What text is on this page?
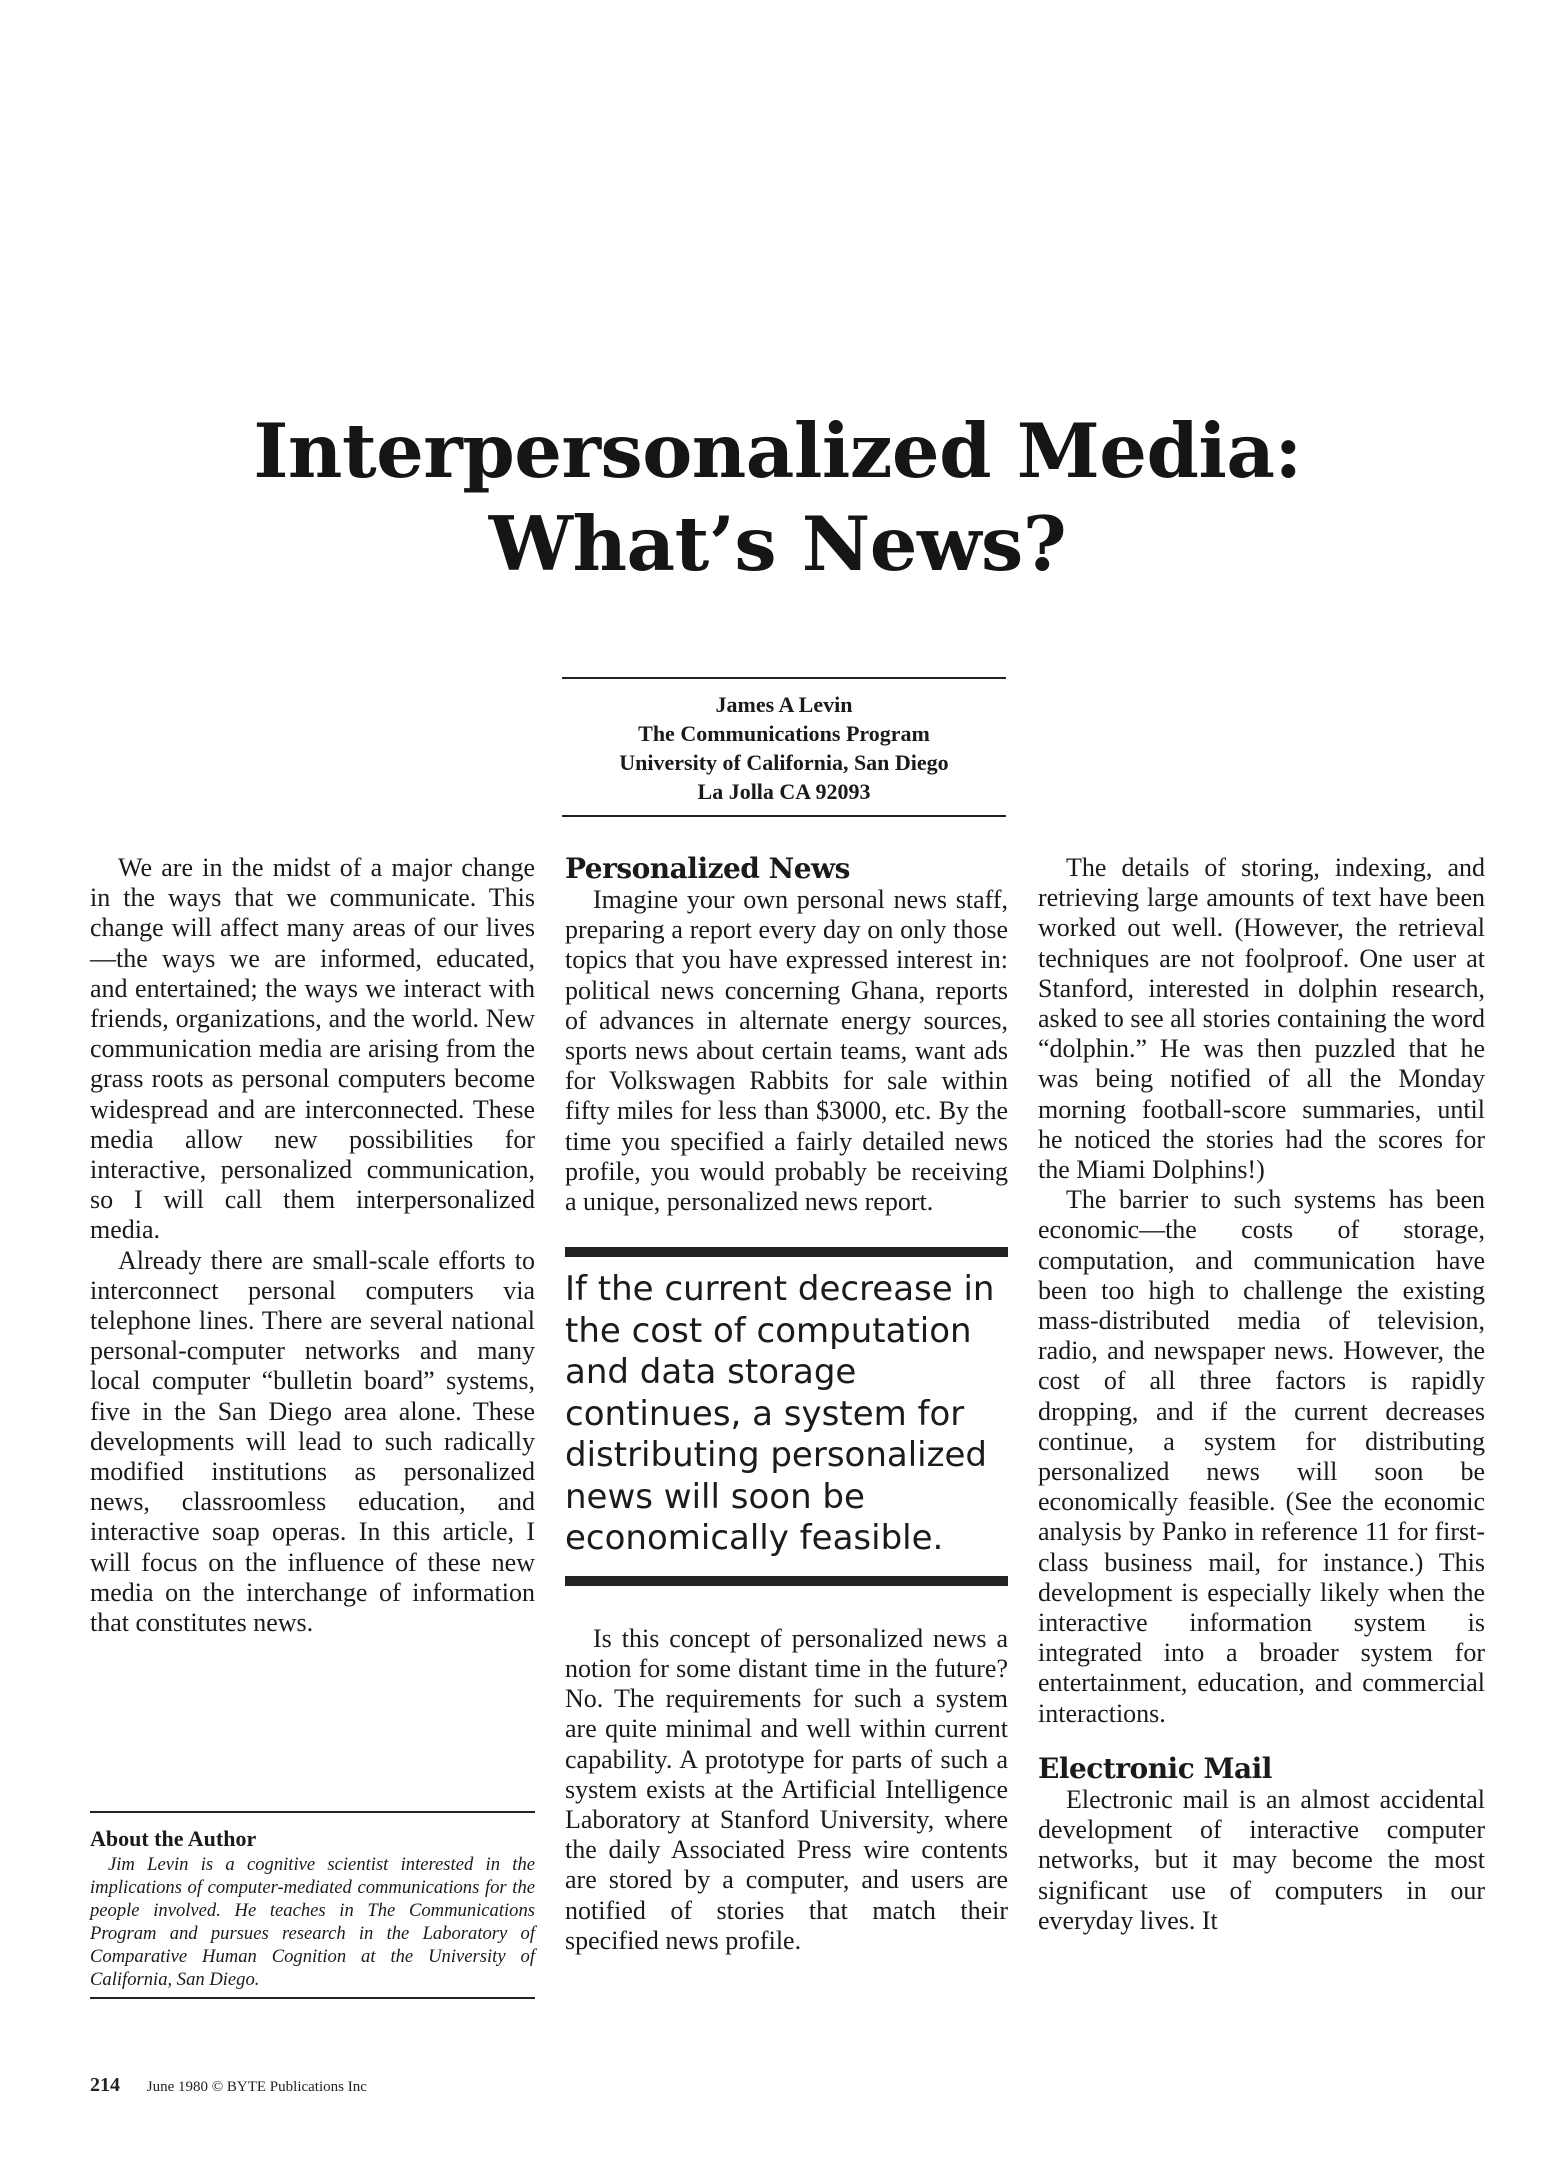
Interpersonalized Media:
What’s News?
James A Levin
The Communications Program
University of California, San Diego
La Jolla CA 92093

We are in the midst of a major change in the ways that we communicate. This change will affect many areas of our lives—the ways we are informed, educated, and entertained; the ways we interact with friends, organizations, and the world. New communication media are arising from the grass roots as personal computers become widespread and are interconnected. These media allow new possibilities for interactive, personalized communication, so I will call them interpersonalized media.

Already there are small-scale efforts to interconnect personal computers via telephone lines. There are several national personal-computer networks and many local computer “bulletin board” systems, five in the San Diego area alone. These developments will lead to such radically modified institutions as personalized news, classroomless education, and interactive soap operas. In this article, I will focus on the influence of these new media on the interchange of information that constitutes news.

About the Author

Jim Levin is a cognitive scientist interested in the implications of computer-mediated communications for the people involved. He teaches in The Communications Program and pursues research in the Laboratory of Comparative Human Cognition at the University of California, San Diego.

Personalized News

Imagine your own personal news staff, preparing a report every day on only those topics that you have expressed interest in: political news concerning Ghana, reports of advances in alternate energy sources, sports news about certain teams, want ads for Volkswagen Rabbits for sale within fifty miles for less than $3000, etc. By the time you specified a fairly detailed news profile, you would probably be receiving a unique, personalized news report.

If the current decrease in the cost of computation and data storage continues, a system for distributing personalized news will soon be economically feasible.

Is this concept of personalized news a notion for some distant time in the future? No. The requirements for such a system are quite minimal and well within current capability. A prototype for parts of such a system exists at the Artificial Intelligence Laboratory at Stanford University, where the daily Associated Press wire contents are stored by a computer, and users are notified of stories that match their specified news profile.

The details of storing, indexing, and retrieving large amounts of text have been worked out well. (However, the retrieval techniques are not foolproof. One user at Stanford, interested in dolphin research, asked to see all stories containing the word “dolphin.” He was then puzzled that he was being notified of all the Monday morning football-score summaries, until he noticed the stories had the scores for the Miami Dolphins!)

The barrier to such systems has been economic—the costs of storage, computation, and communication have been too high to challenge the existing mass-distributed media of television, radio, and newspaper news. However, the cost of all three factors is rapidly dropping, and if the current decreases continue, a system for distributing personalized news will soon be economically feasible. (See the economic analysis by Panko in reference 11 for first-class business mail, for instance.) This development is especially likely when the interactive information system is integrated into a broader system for entertainment, education, and commercial interactions.

Electronic Mail

Electronic mail is an almost accidental development of interactive computer networks, but it may become the most significant use of computers in our everyday lives. It

214 June 1980 © BYTE Publications Inc
